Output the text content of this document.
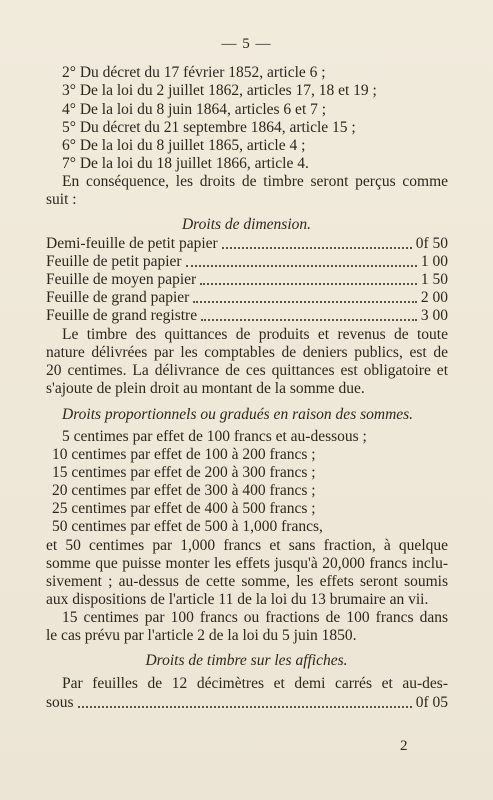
— 5 —
2° Du décret du 17 février 1852, article 6 ;
3° De la loi du 2 juillet 1862, articles 17, 18 et 19 ;
4° De la loi du 8 juin 1864, articles 6 et 7 ;
5° Du décret du 21 septembre 1864, article 15 ;
6° De la loi du 8 juillet 1865, article 4 ;
7° De la loi du 18 juillet 1866, article 4.
En conséquence, les droits de timbre seront perçus comme
suit :
Droits de dimension.
Demi-feuille de petit papier	0f 50
Feuille de petit papier	1 00
Feuille de moyen papier	1 50
Feuille de grand papier	2 00
Feuille de grand registre	3 00
Le timbre des quittances de produits et revenus de toute
nature délivrées par les comptables de deniers publics, est de
20 centimes. La délivrance de ces quittances est obligatoire et
s'ajoute de plein droit au montant de la somme due.
Droits proportionnels ou gradués en raison des sommes.
5 centimes par effet de 100 francs et au-dessous ;
10 centimes par effet de 100 à 200 francs ;
15 centimes par effet de 200 à 300 francs ;
20 centimes par effet de 300 à 400 francs ;
25 centimes par effet de 400 à 500 francs ;
50 centimes par effet de 500 à 1,000 francs,
et 50 centimes par 1,000 francs et sans fraction, à quelque
somme que puisse monter les effets jusqu'à 20,000 francs inclu-
sivement ; au-dessus de cette somme, les effets seront soumis
aux dispositions de l'article 11 de la loi du 13 brumaire an vii.
15 centimes par 100 francs ou fractions de 100 francs dans
le cas prévu par l'article 2 de la loi du 5 juin 1850.
Droits de timbre sur les affiches.
Par feuilles de 12 décimètres et demi carrés et au-des-
sous	0f 05
2
